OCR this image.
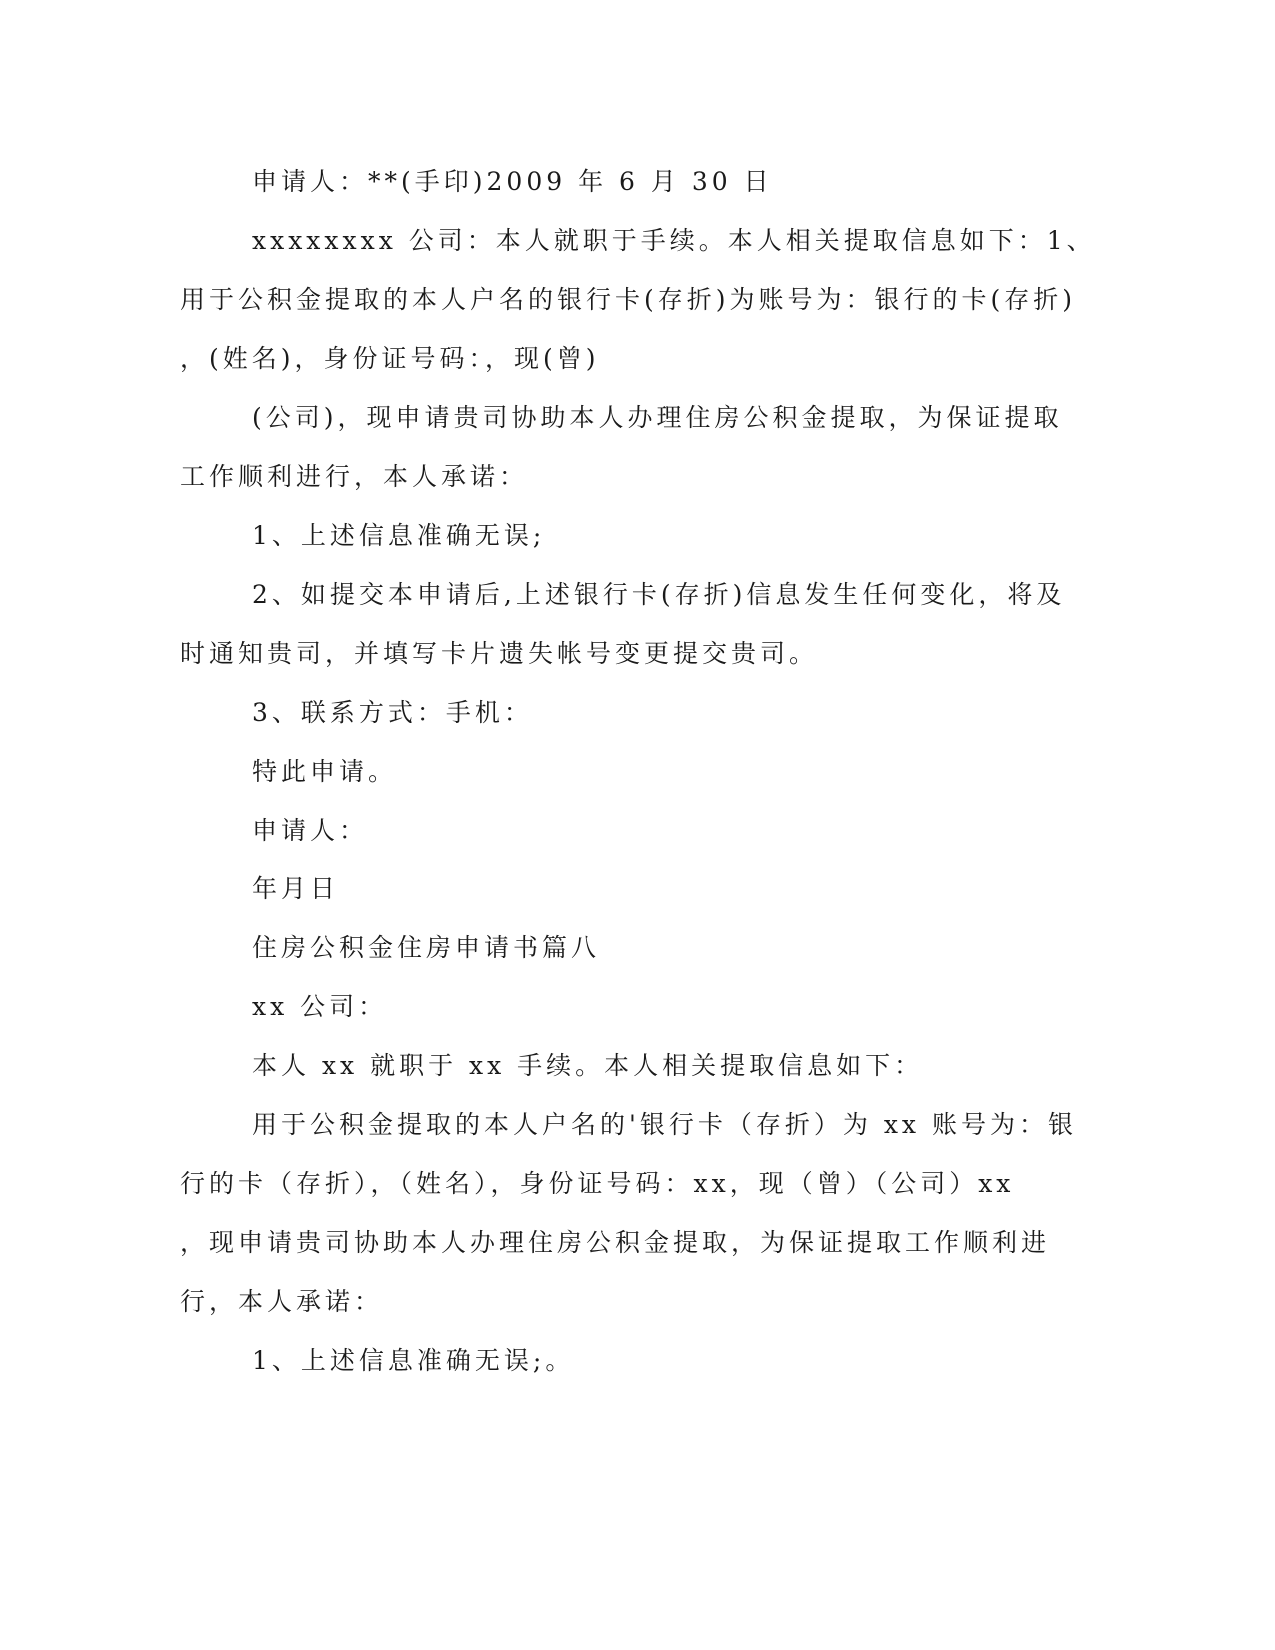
申请人：**(手印)2009 年 6 月 30 日
xxxxxxxx 公司：本人就职于手续。本人相关提取信息如下：1、
用于公积金提取的本人户名的银行卡(存折)为账号为：银行的卡(存折)
，(姓名)，身份证号码：，现(曾)
(公司)，现申请贵司协助本人办理住房公积金提取，为保证提取
工作顺利进行，本人承诺：
1、上述信息准确无误;
2、如提交本申请后,上述银行卡(存折)信息发生任何变化，将及
时通知贵司，并填写卡片遗失帐号变更提交贵司。
3、联系方式：手机：
特此申请。
申请人：
年月日
住房公积金住房申请书篇八
xx 公司：
本人 xx 就职于 xx 手续。本人相关提取信息如下：
用于公积金提取的本人户名的'银行卡（存折）为 xx 账号为：银
行的卡（存折），（姓名），身份证号码：xx，现（曾）（公司）xx
，现申请贵司协助本人办理住房公积金提取，为保证提取工作顺利进
行，本人承诺：
1、上述信息准确无误;。
